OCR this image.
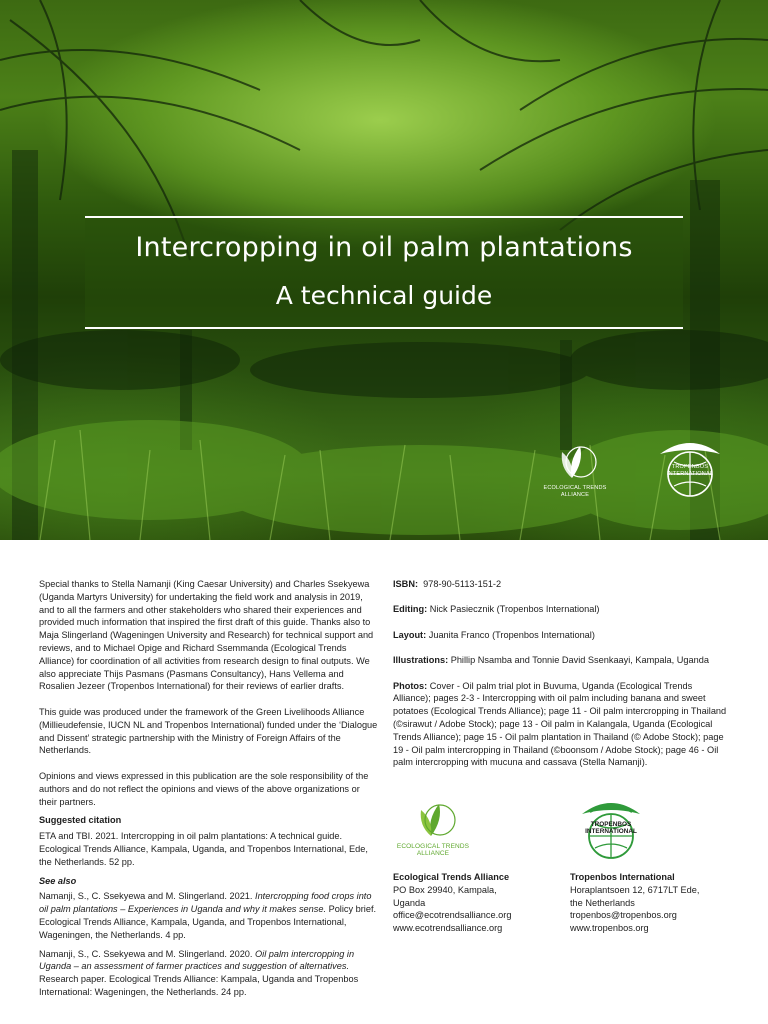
Intercropping in oil palm plantations
A technical guide
ECOLOGICAL TRENDS
ALLIANCE
TROPENBOS INTERNATIONAL

Special thanks to Stella Namanji (King Caesar University) and Charles Ssekyewa (Uganda Martyrs University) for undertaking the field work and analysis in 2019, and to all the farmers and other stakeholders who shared their experiences and provided much information that inspired the first draft of this guide. Thanks also to Maja Slingerland (Wageningen University and Research) for technical support and reviews, and to Michael Opige and Richard Ssemmanda (Ecological Trends Alliance) for coordination of all activities from research design to final outputs. We also appreciate Thijs Pasmans (Pasmans Consultancy), Hans Vellema and Rosalien Jezeer (Tropenbos International) for their reviews of earlier drafts.

This guide was produced under the framework of the Green Livelihoods Alliance (Millieudefensie, IUCN NL and Tropenbos International) funded under the ‘Dialogue and Dissent’ strategic partnership with the Ministry of Foreign Affairs of the Netherlands.

Opinions and views expressed in this publication are the sole responsibility of the authors and do not reflect the opinions and views of the above organizations or their partners.

Suggested citation

ETA and TBI. 2021. Intercropping in oil palm plantations: A technical guide. Ecological Trends Alliance, Kampala, Uganda, and Tropenbos International, Ede, the Netherlands. 52 pp.

See also

Namanji, S., C. Ssekyewa and M. Slingerland. 2021. Intercropping food crops into oil palm plantations – Experiences in Uganda and why it makes sense. Policy brief. Ecological Trends Alliance, Kampala, Uganda, and Tropenbos International, Wageningen, the Netherlands. 4 pp.

Namanji, S., C. Ssekyewa and M. Slingerland. 2020. Oil palm intercropping in Uganda – an assessment of farmer practices and suggestion of alternatives. Research paper. Ecological Trends Alliance: Kampala, Uganda and Tropenbos International: Wageningen, the Netherlands. 24 pp.

ISBN:  978-90-5113-151-2

Editing: Nick Pasiecznik (Tropenbos International)

Layout: Juanita Franco (Tropenbos International)

Illustrations: Phillip Nsamba and Tonnie David Ssenkaayi, Kampala, Uganda

Photos: Cover - Oil palm trial plot in Buvuma, Uganda (Ecological Trends Alliance); pages 2-3 - Intercropping with oil palm including banana and sweet potatoes (Ecological Trends Alliance); page 11 - Oil palm intercropping in Thailand (©sirawut / Adobe Stock); page 13 - Oil palm in Kalangala, Uganda (Ecological Trends Alliance); page 15 - Oil palm plantation in Thailand (© Adobe Stock); page 19 - Oil palm intercropping in Thailand (©boonsom / Adobe Stock); page 46 - Oil palm intercropping with mucuna and cassava (Stella Namanji).

ECOLOGICAL TRENDS
ALLIANCE
TROPENBOS INTERNATIONAL
Ecological Trends Alliance
PO Box 29940, Kampala,
Uganda
office@ecotrendsalliance.org
www.ecotrendsalliance.org
Tropenbos International
Horaplantsoen 12, 6717LT Ede,
the Netherlands
tropenbos@tropenbos.org
www.tropenbos.org
